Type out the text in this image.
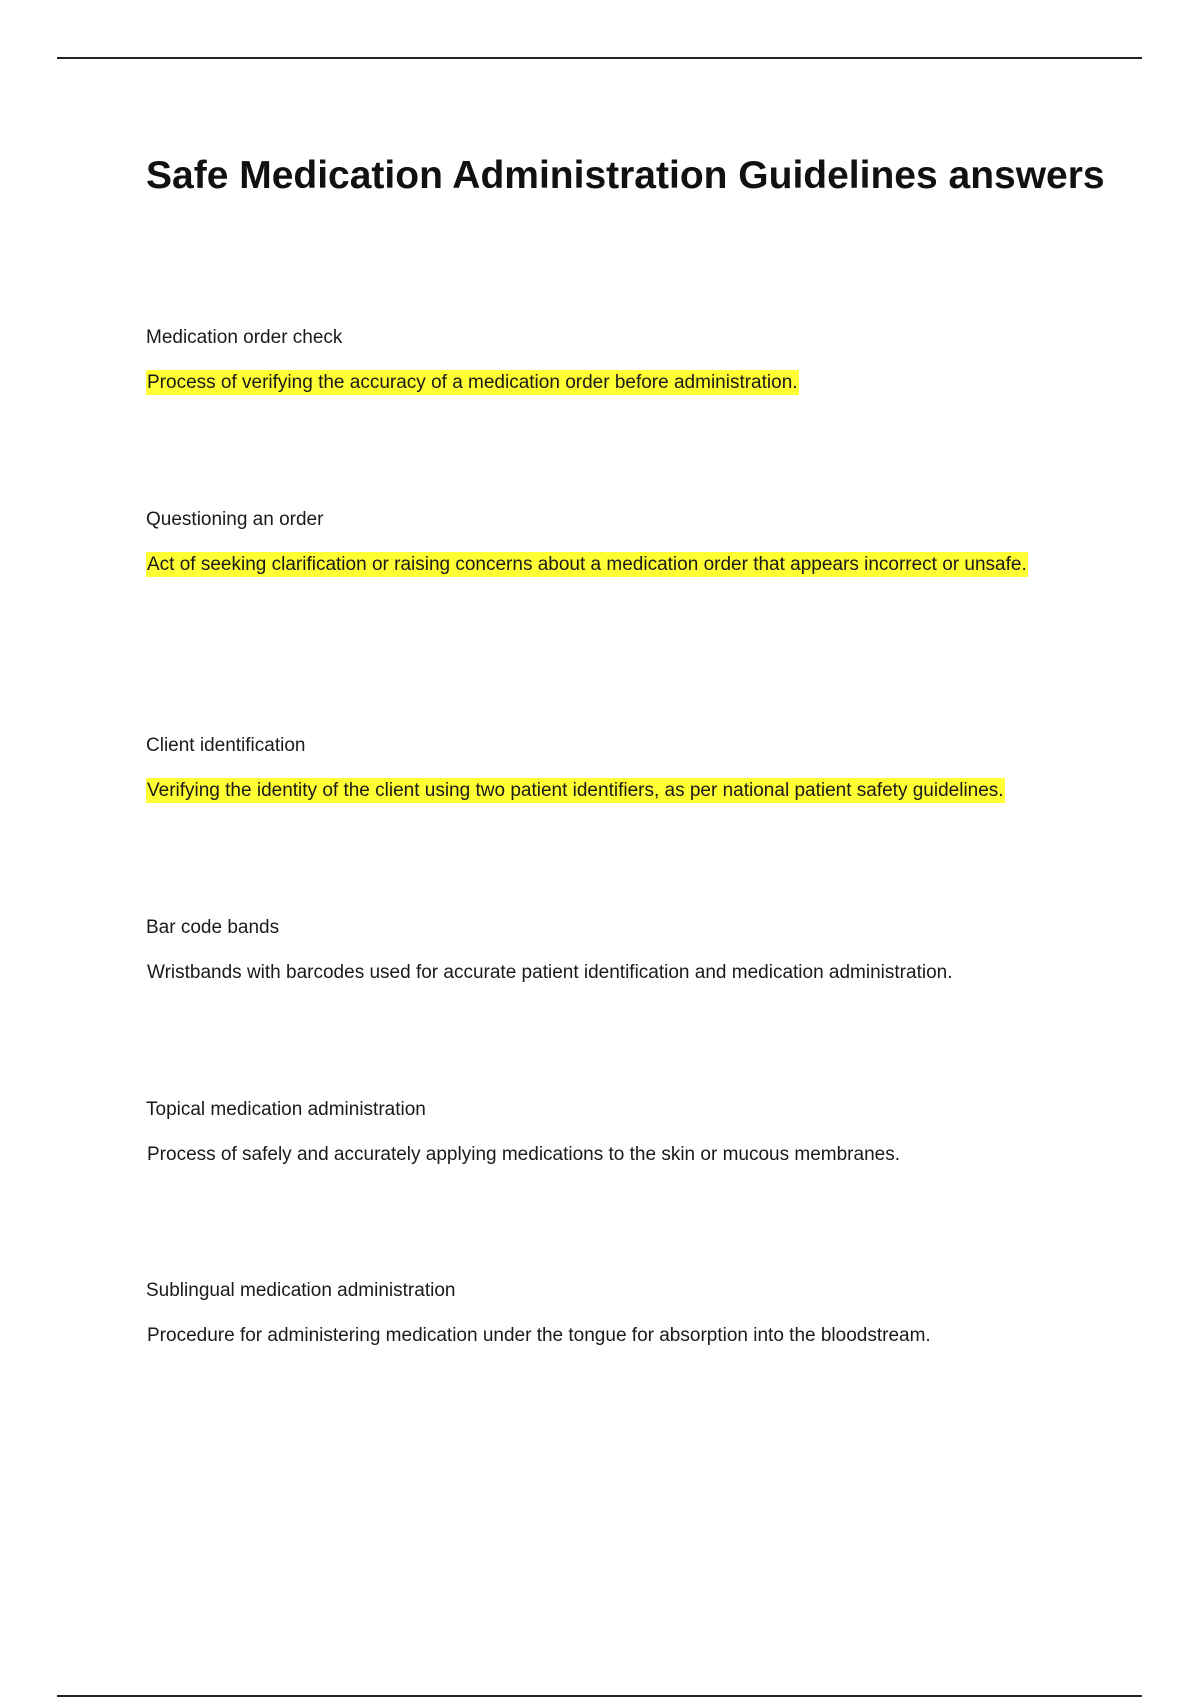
Safe Medication Administration Guidelines answers
Medication order check
Process of verifying the accuracy of a medication order before administration.
Questioning an order
Act of seeking clarification or raising concerns about a medication order that appears incorrect or unsafe.
Client identification
Verifying the identity of the client using two patient identifiers, as per national patient safety guidelines.
Bar code bands
Wristbands with barcodes used for accurate patient identification and medication administration.
Topical medication administration
Process of safely and accurately applying medications to the skin or mucous membranes.
Sublingual medication administration
Procedure for administering medication under the tongue for absorption into the bloodstream.
